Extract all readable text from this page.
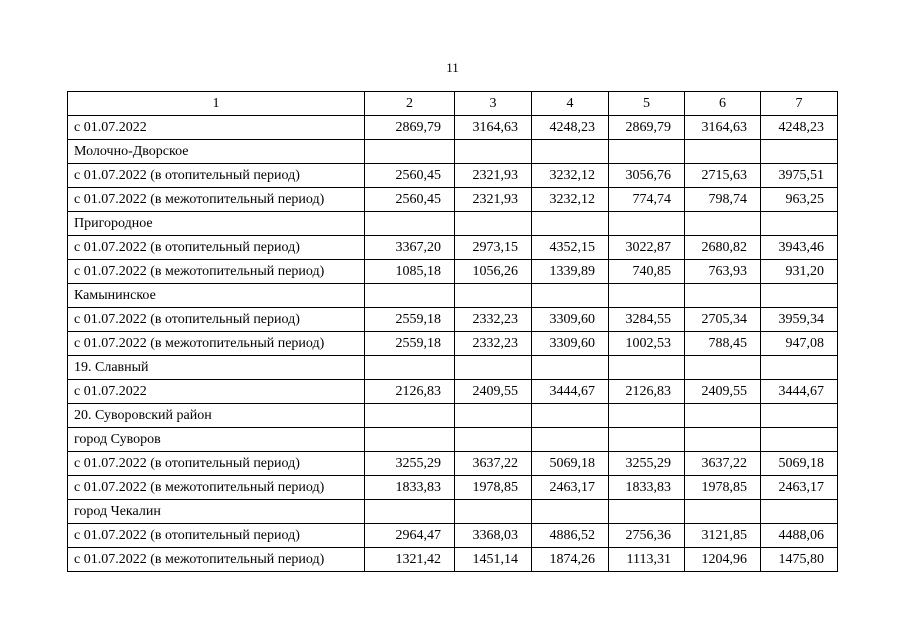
11
1	2	3	4	5	6	7
с 01.07.2022	2869,79	3164,63	4248,23	2869,79	3164,63	4248,23
Молочно-Дворское						
с 01.07.2022 (в отопительный период)	2560,45	2321,93	3232,12	3056,76	2715,63	3975,51
с 01.07.2022 (в межотопительный период)	2560,45	2321,93	3232,12	774,74	798,74	963,25
Пригородное						
с 01.07.2022 (в отопительный период)	3367,20	2973,15	4352,15	3022,87	2680,82	3943,46
с 01.07.2022 (в межотопительный период)	1085,18	1056,26	1339,89	740,85	763,93	931,20
Камынинское						
с 01.07.2022 (в отопительный период)	2559,18	2332,23	3309,60	3284,55	2705,34	3959,34
с 01.07.2022 (в межотопительный период)	2559,18	2332,23	3309,60	1002,53	788,45	947,08
19. Славный						
с 01.07.2022	2126,83	2409,55	3444,67	2126,83	2409,55	3444,67
20. Суворовский район						
город Суворов						
с 01.07.2022 (в отопительный период)	3255,29	3637,22	5069,18	3255,29	3637,22	5069,18
с 01.07.2022 (в межотопительный период)	1833,83	1978,85	2463,17	1833,83	1978,85	2463,17
город Чекалин						
с 01.07.2022 (в отопительный период)	2964,47	3368,03	4886,52	2756,36	3121,85	4488,06
с 01.07.2022 (в межотопительный период)	1321,42	1451,14	1874,26	1113,31	1204,96	1475,80
